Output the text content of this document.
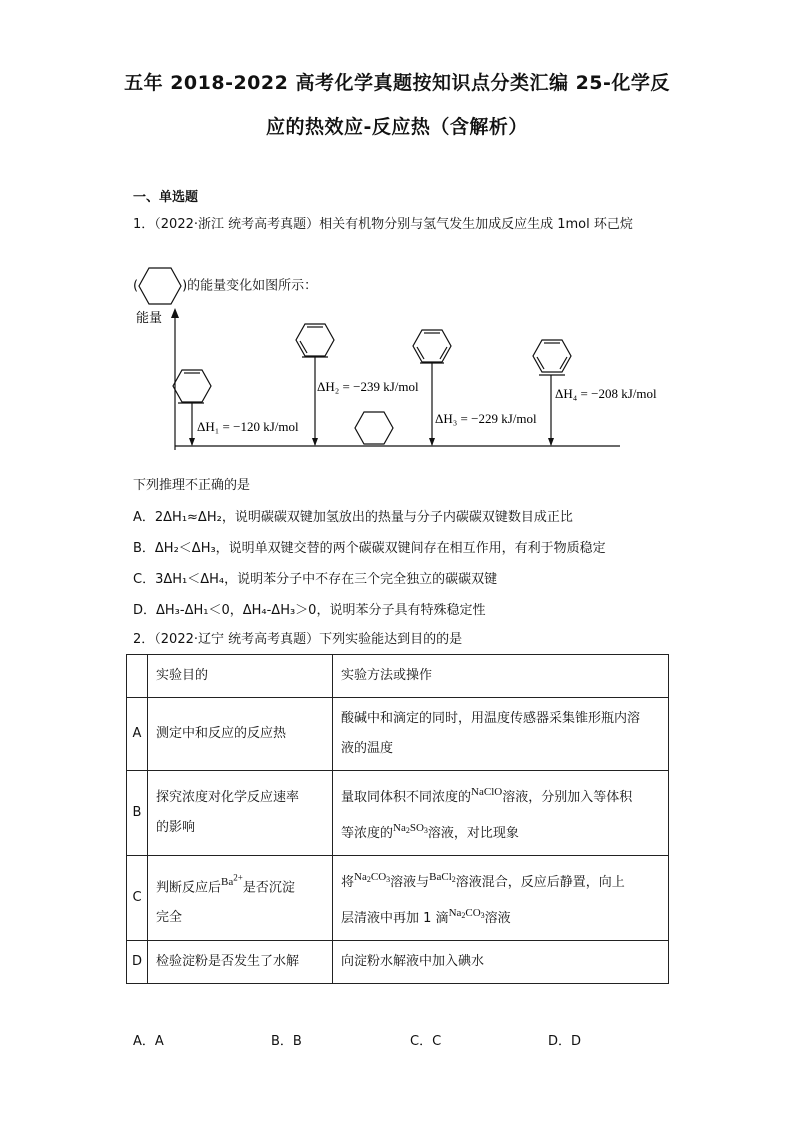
五年 2018-2022 高考化学真题按知识点分类汇编 25-化学反
应的热效应-反应热（含解析）
一、单选题
1．（2022·浙江 统考高考真题）相关有机物分别与氢气发生加成反应生成 1mol 环己烷
(	)的能量变化如图所示：
能量
ΔH₁ = −120 kJ/mol
ΔH₂ = −239 kJ/mol
ΔH₃ = −229 kJ/mol
ΔH₄ = −208 kJ/mol
下列推理不正确的是
A．2ΔH₁≈ΔH₂，说明碳碳双键加氢放出的热量与分子内碳碳双键数目成正比
B．ΔH₂＜ΔH₃，说明单双键交替的两个碳碳双键间存在相互作用，有利于物质稳定
C．3ΔH₁＜ΔH₄，说明苯分子中不存在三个完全独立的碳碳双键
D．ΔH₃-ΔH₁＜0，ΔH₄-ΔH₃＞0，说明苯分子具有特殊稳定性
2．（2022·辽宁 统考高考真题）下列实验能达到目的的是
	实验目的	实验方法或操作
A	测定中和反应的反应热	酸碱中和滴定的同时，用温度传感器采集锥形瓶内溶
液的温度
B	探究浓度对化学反应速率
的影响	量取同体积不同浓度的$^{NaClO}$溶液，分别加入等体积
等浓度的$^{Na_2SO_3}$溶液，对比现象
C	判断反应后$^{Ba^{2+}}$是否沉淀
完全	将$^{Na_2CO_3}$溶液与$^{BaCl_2}$溶液混合，反应后静置，向上
层清液中再加 1 滴$^{Na_2CO_3}$溶液
D	检验淀粉是否发生了水解	向淀粉水解液中加入碘水
A．A	B．B	C．C	D．D
